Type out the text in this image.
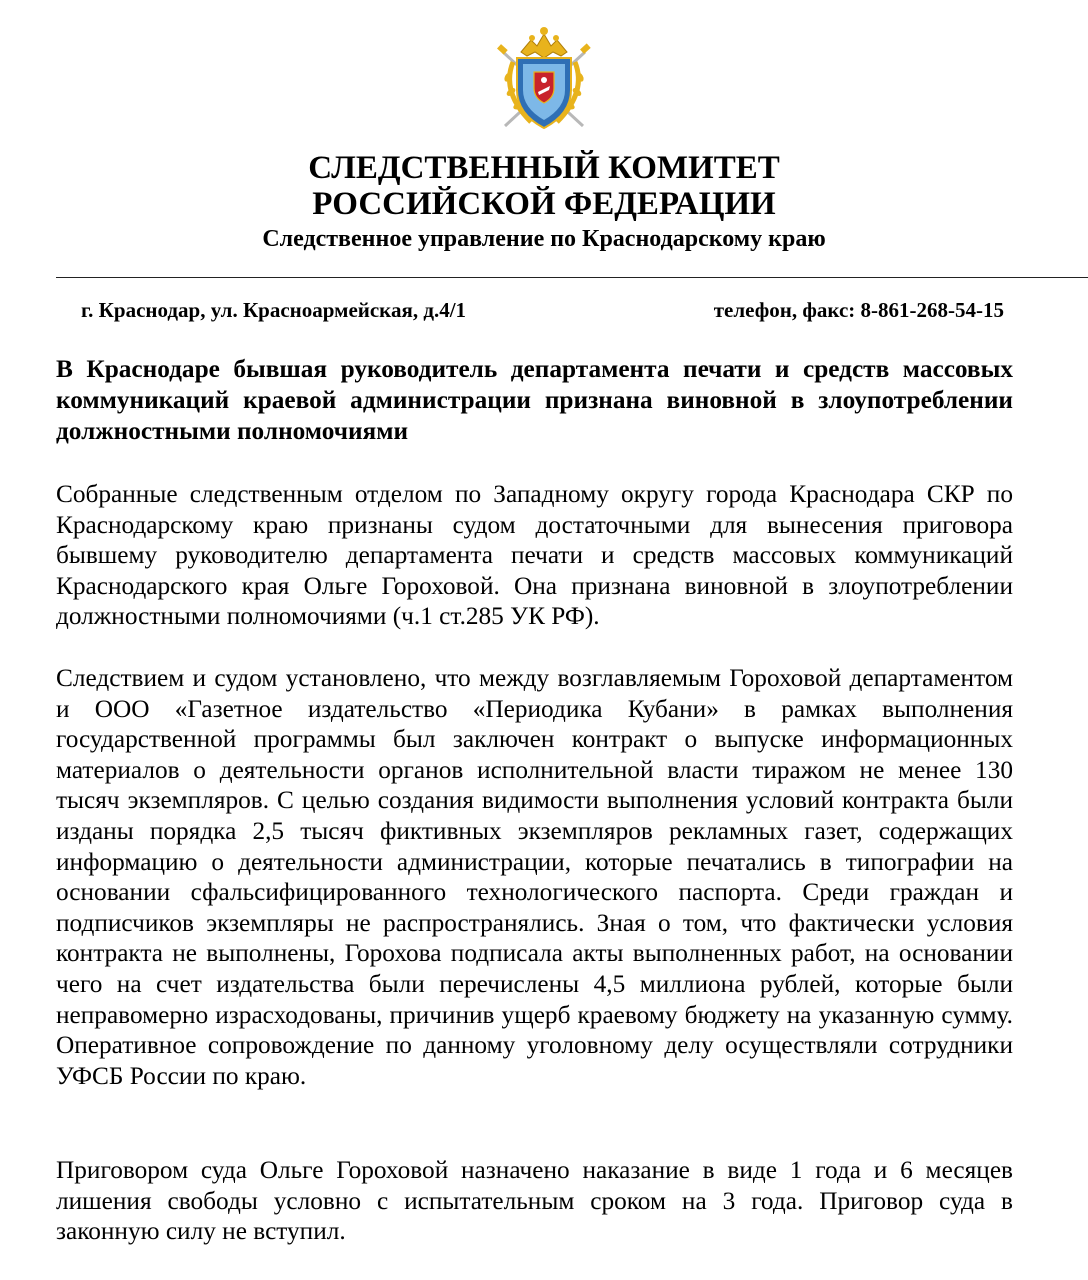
СЛЕДСТВЕННЫЙ КОМИТЕТ
РОССИЙСКОЙ ФЕДЕРАЦИИ
Следственное управление по Краснодарскому краю
г. Краснодар, ул. Красноармейская, д.4/1	телефон, факс: 8-861-268-54-15

В Краснодаре бывшая руководитель департамента печати и средств массовых коммуникаций краевой администрации признана виновной в злоупотреблении должностными полномочиями

Собранные следственным отделом по Западному округу города Краснодара СКР по Краснодарскому краю признаны судом достаточными для вынесения приговора бывшему руководителю департамента печати и средств массовых коммуникаций Краснодарского края Ольге Гороховой. Она признана виновной в злоупотреблении должностными полномочиями (ч.1 ст.285 УК РФ).

Следствием и судом установлено, что между возглавляемым Гороховой департаментом и ООО «Газетное издательство «Периодика Кубани» в рамках выполнения государственной программы был заключен контракт о выпуске информационных материалов о деятельности органов исполнительной власти тиражом не менее 130 тысяч экземпляров. С целью создания видимости выполнения условий контракта были изданы порядка 2,5 тысяч фиктивных экземпляров рекламных газет, содержащих информацию о деятельности администрации, которые печатались в типографии на основании сфальсифицированного технологического паспорта. Среди граждан и подписчиков экземпляры не распространялись. Зная о том, что фактически условия контракта не выполнены, Горохова подписала акты выполненных работ, на основании чего на счет издательства были перечислены 4,5 миллиона рублей, которые были неправомерно израсходованы, причинив ущерб краевому бюджету на указанную сумму. Оперативное сопровождение по данному уголовному делу осуществляли сотрудники УФСБ России по краю.

Приговором суда Ольге Гороховой назначено наказание в виде 1 года и 6 месяцев лишения свободы условно с испытательным сроком на 3 года. Приговор суда в законную силу не вступил.
